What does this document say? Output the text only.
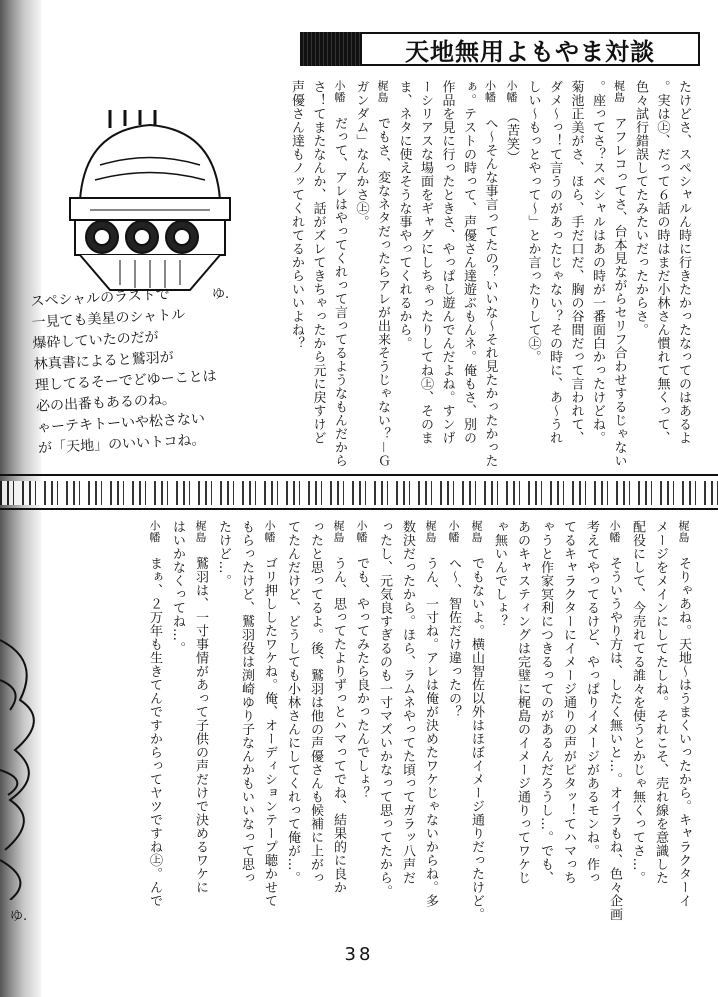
天地無用よもやま対談
ゆ.
スペシャルのラストで
一見ても美星のシャトル
爆砕していたのだが
林真書によると鷲羽が
理してるそーでどゆーことは
必の出番もあるのね。
ゃーテキトーいや松さない
が「天地」のいいトコね。	たけどさ、スペシャルん時に行きたかったなってのはあるよ
。実は㊤、だって６話の時はまだ小林さん慣れて無くって、
色々試行錯誤してたみたいだったからさ。
梶島　アフレコってさ、台本見ながらセリフ合わせするじゃない
。座ってさ？スペシャルはあの時が一番面白かったけどね。
菊池正美がさ、ほら、手だ口だ、胸の谷間だって言われて、
ダメ〜っ！て言うのがあったじゃない？その時に、あ〜うれ
しい〜もっとやって〜」とか言ったりして㊤。
小幡　（苦笑）
小幡　へ〜そんな事言ってたの？いいな〜それ見たかったかった
ぁ。テストの時って、声優さん達遊ぶもんネ。俺もさ、別の
作品を見に行ったときさ、やっぱし遊んでんだよね。すンげ
ーシリアスな場面をギャグにしちゃったりしてね㊤、そのま
ま、ネタに使えそうな事やってくれるから。
梶島　でもさ、変なネタだったらアレが出来そうじゃない？－Ｇ
ガンダム」なんかさ㊤。
小幡　だって、アレはやってくれって言ってるようなもんだから
さ！てまたなんか、話がズレてきちゃったから元に戻すけど
声優さん達もノッてくれてるからいいよね？
梶島　そりゃあね。天地〜はうまくいったから。キャラクターイ
メージをメインにしてたしね。それこそ、売れ線を意識した
配役にして、今売れてる誰々を使うとかじゃ無くってさ…。
小幡　そういうやり方は、したく無いと…。オイラもね、色々企画
考えてやってるけど、やっぱりイメージがあるモンね。作っ
てるキャラクターにイメージ通りの声がピタッ！てハマっち
ゃうと作家冥利につきるってのがあるんだろうし…。でも、
あのキャスティングは完璧に梶島のイメージ通りってワケじ
ゃ無いんでしょ？
梶島　でもないよ。横山智佐以外はほぼイメージ通りだったけど。
小幡　へ〜、智佐だけ違ったの？
梶島　うん、一寸ね。アレは俺が決めたワケじゃないからね。多
数決だったから。ほら、ラムネやってた頃ってガラッ八声だ
ったし、元気良すぎるのも一寸マズいかなって思ってたから。
小幡　でも、やってみたら良かったんでしょ？
梶島　うん、思ってたよりずっとハマってでね、結果的に良か
ったと思ってるよ。後、鷲羽は他の声優さんも候補に上がっ
てたんだけど、どうしても小林さんにしてくれって俺が…。
小幡　ゴリ押ししたワケね。俺、オーディションテープ聴かせて
もらったけど、鷲羽役は渕崎ゆり子なんかもいいなって思っ
たけど…。
梶島　鷲羽は、一寸事情があって子供の声だけで決めるワケに
はいかなくってね…。
小幡　まぁ、２万年も生きてんですからってヤツですね㊤。んで
ゆ.
38
